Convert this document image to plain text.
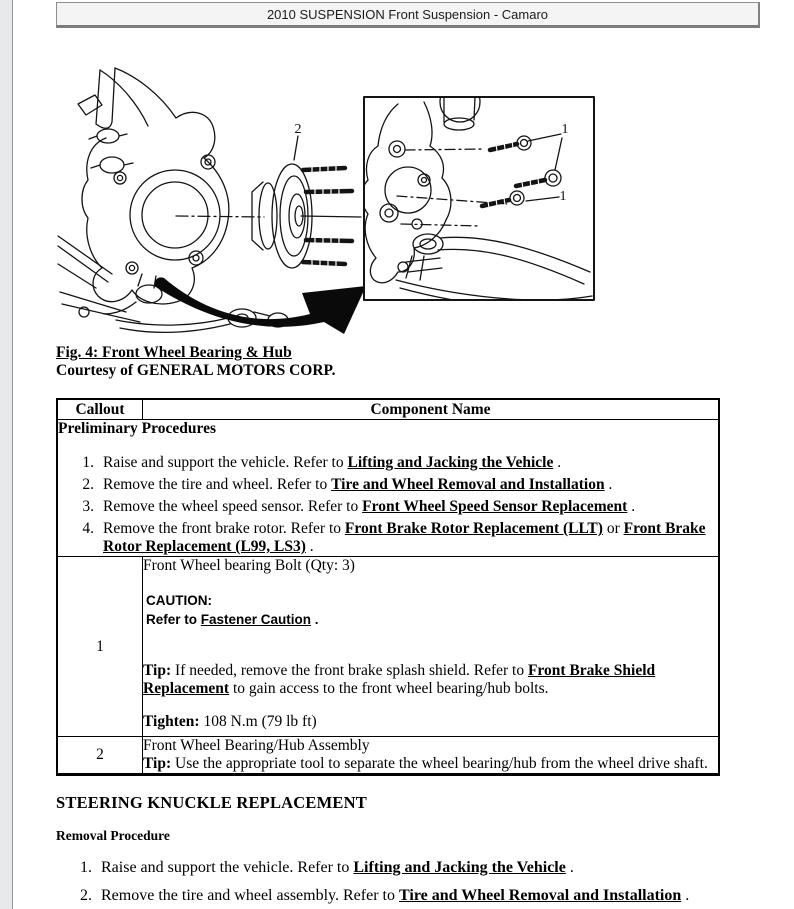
2010 SUSPENSION Front Suspension - Camaro
2	1
1
Fig. 4: Front Wheel Bearing & Hub
Courtesy of GENERAL MOTORS CORP.
Callout	Component Name

Preliminary Procedures
1. Raise and support the vehicle. Refer to Lifting and Jacking the Vehicle .
2. Remove the tire and wheel. Refer to Tire and Wheel Removal and Installation .
3. Remove the wheel speed sensor. Refer to Front Wheel Speed Sensor Replacement .
4. Remove the front brake rotor. Refer to Front Brake Rotor Replacement (LLT) or Front Brake Rotor Replacement (L99, LS3) .

1	Front Wheel bearing Bolt (Qty: 3)
CAUTION:
Refer to Fastener Caution .
Tip: If needed, remove the front brake splash shield. Refer to Front Brake Shield Replacement to gain access to the front wheel bearing/hub bolts.
Tighten: 108 N.m (79 lb ft)

2	Front Wheel Bearing/Hub Assembly
Tip: Use the appropriate tool to separate the wheel bearing/hub from the wheel drive shaft.
STEERING KNUCKLE REPLACEMENT
Removal Procedure
1. Raise and support the vehicle. Refer to Lifting and Jacking the Vehicle .
2. Remove the tire and wheel assembly. Refer to Tire and Wheel Removal and Installation .
